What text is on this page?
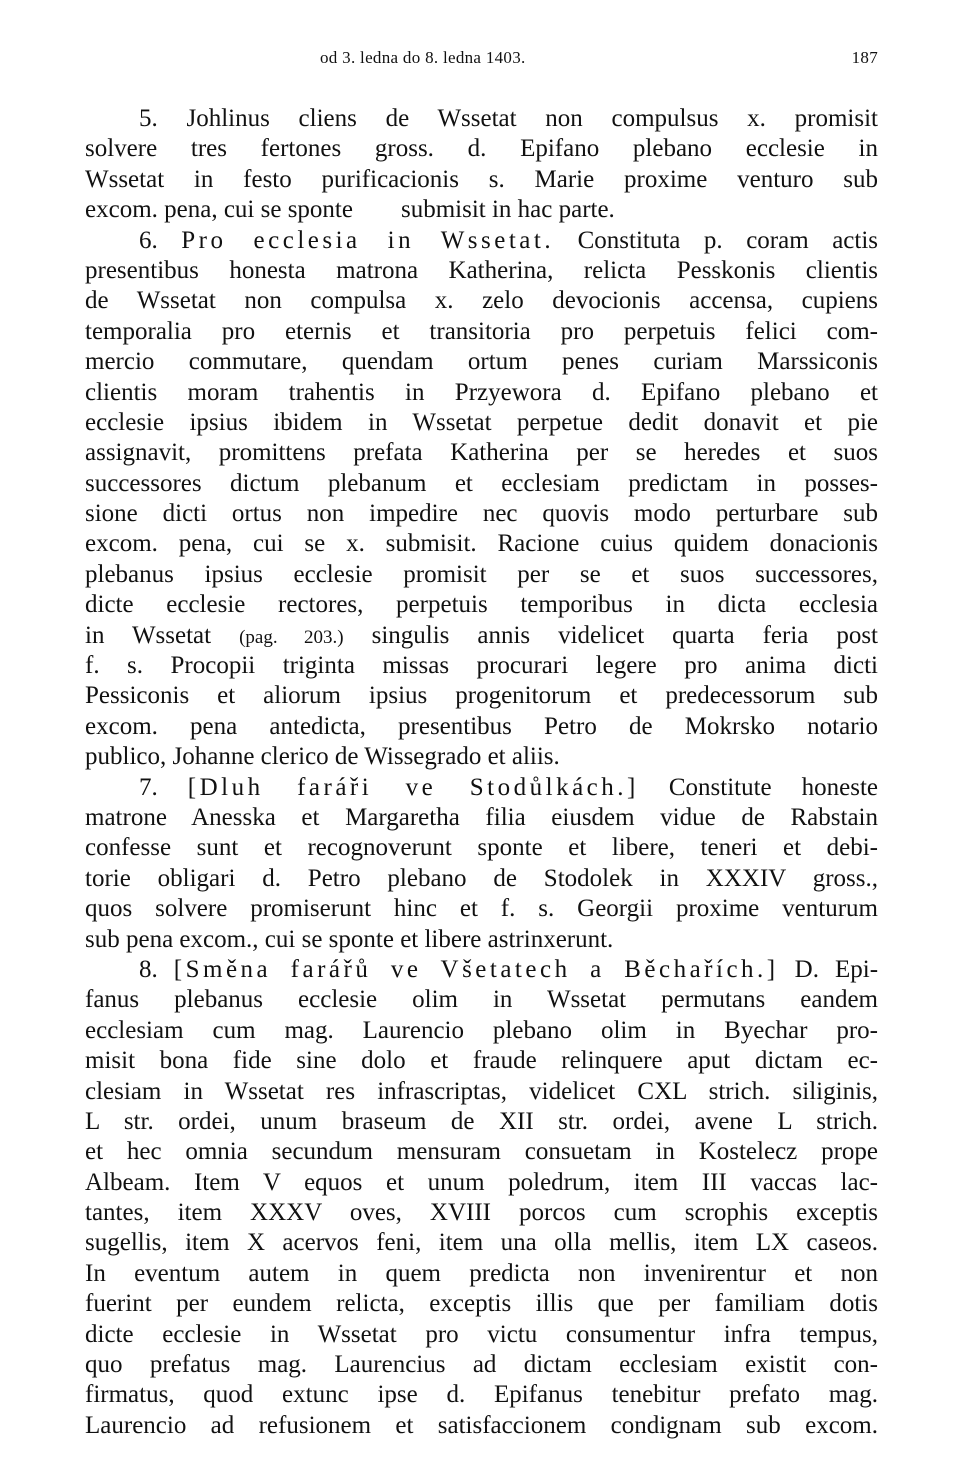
od 3. ledna do 8. ledna 1403.	187
5. Johlinus cliens de Wssetat non compulsus x. promisit
solvere tres fertones gross. d. Epifano plebano ecclesie in
Wssetat in festo purificacionis s. Marie proxime venturo sub
excom. pena, cui se sponte submisit in hac parte.
6. Pro ecclesia in Wssetat. Constituta p. coram actis
presentibus honesta matrona Katherina, relicta Pesskonis clientis
de Wssetat non compulsa x. zelo devocionis accensa, cupiens
temporalia pro eternis et transitoria pro perpetuis felici com-
mercio commutare, quendam ortum penes curiam Marssiconis
clientis moram trahentis in Przyewora d. Epifano plebano et
ecclesie ipsius ibidem in Wssetat perpetue dedit donavit et pie
assignavit, promittens prefata Katherina per se heredes et suos
successores dictum plebanum et ecclesiam predictam in posses-
sione dicti ortus non impedire nec quovis modo perturbare sub
excom. pena, cui se x. submisit. Racione cuius quidem donacionis
plebanus ipsius ecclesie promisit per se et suos successores,
dicte ecclesie rectores, perpetuis temporibus in dicta ecclesia
in Wssetat (pag. 203.) singulis annis videlicet quarta feria post
f. s. Procopii triginta missas procurari legere pro anima dicti
Pessiconis et aliorum ipsius progenitorum et predecessorum sub
excom. pena antedicta, presentibus Petro de Mokrsko notario
publico, Johanne clerico de Wissegrado et aliis.
7. [Dluh faráři ve Stodůlkách.] Constitute honeste
matrone Anesska et Margaretha filia eiusdem vidue de Rabstain
confesse sunt et recognoverunt sponte et libere, teneri et debi-
torie obligari d. Petro plebano de Stodolek in XXXIV gross.,
quos solvere promiserunt hinc et f. s. Georgii proxime venturum
sub pena excom., cui se sponte et libere astrinxerunt.
8. [Směna farářů ve Všetatech a Běchařích.] D. Epi-
fanus plebanus ecclesie olim in Wssetat permutans eandem
ecclesiam cum mag. Laurencio plebano olim in Byechar pro-
misit bona fide sine dolo et fraude relinquere aput dictam ec-
clesiam in Wssetat res infrascriptas, videlicet CXL strich. siliginis,
L str. ordei, unum braseum de XII str. ordei, avene L strich.
et hec omnia secundum mensuram consuetam in Kostelecz prope
Albeam. Item V equos et unum poledrum, item III vaccas lac-
tantes, item XXXV oves, XVIII porcos cum scrophis exceptis
sugellis, item X acervos feni, item una olla mellis, item LX caseos.
In eventum autem in quem predicta non invenirentur et non
fuerint per eundem relicta, exceptis illis que per familiam dotis
dicte ecclesie in Wssetat pro victu consumentur infra tempus,
quo prefatus mag. Laurencius ad dictam ecclesiam existit con-
firmatus, quod extunc ipse d. Epifanus tenebitur prefato mag.
Laurencio ad refusionem et satisfaccionem condignam sub excom.
